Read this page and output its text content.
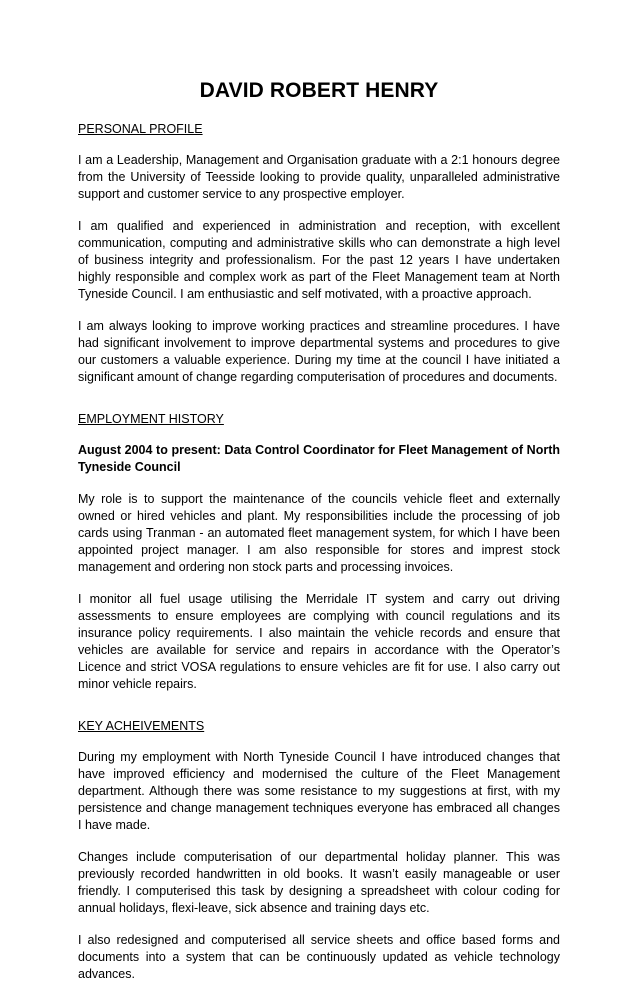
DAVID ROBERT HENRY
PERSONAL PROFILE

I am a Leadership, Management and Organisation graduate with a 2:1 honours degree from the University of Teesside looking to provide quality, unparalleled administrative support and customer service to any prospective employer.

I am qualified and experienced in administration and reception, with excellent communication, computing and administrative skills who can demonstrate a high level of business integrity and professionalism. For the past 12 years I have undertaken highly responsible and complex work as part of the Fleet Management team at North Tyneside Council. I am enthusiastic and self motivated, with a proactive approach.

I am always looking to improve working practices and streamline procedures. I have had significant involvement to improve departmental systems and procedures to give our customers a valuable experience. During my time at the council I have initiated a significant amount of change regarding computerisation of procedures and documents.

EMPLOYMENT HISTORY

August 2004 to present: Data Control Coordinator for Fleet Management of North Tyneside Council

My role is to support the maintenance of the councils vehicle fleet and externally owned or hired vehicles and plant. My responsibilities include the processing of job cards using Tranman - an automated fleet management system, for which I have been appointed project manager. I am also responsible for stores and imprest stock management and ordering non stock parts and processing invoices.

I monitor all fuel usage utilising the Merridale IT system and carry out driving assessments to ensure employees are complying with council regulations and its insurance policy requirements. I also maintain the vehicle records and ensure that vehicles are available for service and repairs in accordance with the Operator’s Licence and strict VOSA regulations to ensure vehicles are fit for use. I also carry out minor vehicle repairs.

KEY ACHEIVEMENTS

During my employment with North Tyneside Council I have introduced changes that have improved efficiency and modernised the culture of the Fleet Management department. Although there was some resistance to my suggestions at first, with my persistence and change management techniques everyone has embraced all changes I have made.

Changes include computerisation of our departmental holiday planner. This was previously recorded handwritten in old books. It wasn’t easily manageable or user friendly. I computerised this task by designing a spreadsheet with colour coding for annual holidays, flexi-leave, sick absence and training days etc.

I also redesigned and computerised all service sheets and office based forms and documents into a system that can be continuously updated as vehicle technology advances.
